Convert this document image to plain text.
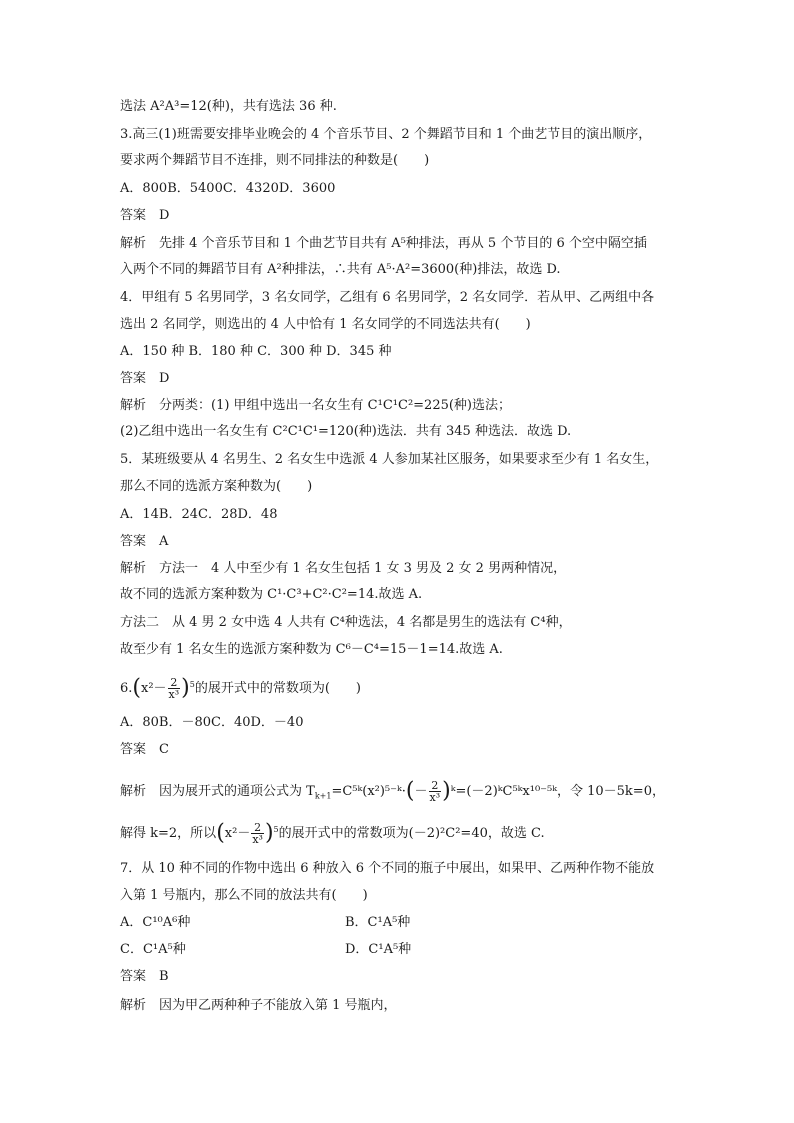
选法 A²A³=12(种)，共有选法 36 种.
3.高三(1)班需要安排毕业晚会的 4 个音乐节目、2 个舞蹈节目和 1 个曲艺节目的演出顺序，
要求两个舞蹈节目不连排，则不同排法的种数是(　　)
A．800B．5400C．4320D．3600
答案　D
解析　先排 4 个音乐节目和 1 个曲艺节目共有 A⁵种排法，再从 5 个节目的 6 个空中隔空插
入两个不同的舞蹈节目有 A²种排法，∴共有 A⁵·A²=3600(种)排法，故选 D.
4．甲组有 5 名男同学，3 名女同学，乙组有 6 名男同学，2 名女同学．若从甲、乙两组中各
选出 2 名同学，则选出的 4 人中恰有 1 名女同学的不同选法共有(　　)
A．150 种 B．180 种 C．300 种 D．345 种
答案　D
解析　分两类：(1) 甲组中选出一名女生有 C¹C¹C²=225(种)选法；
(2)乙组中选出一名女生有 C²C¹C¹=120(种)选法．共有 345 种选法．故选 D.
5．某班级要从 4 名男生、2 名女生中选派 4 人参加某社区服务，如果要求至少有 1 名女生，
那么不同的选派方案种数为(　　)
A．14B．24C．28D．48
答案　A
解析　方法一　4 人中至少有 1 名女生包括 1 女 3 男及 2 女 2 男两种情况，
故不同的选派方案种数为 C¹·C³+C²·C²=14.故选 A.
方法二　从 4 男 2 女中选 4 人共有 C⁴种选法，4 名都是男生的选法有 C⁴种，
故至少有 1 名女生的选派方案种数为 C⁶－C⁴=15－1=14.故选 A.
$6.(x^2- \frac{2}{\text{x³}} )^5$的展开式中的常数项为(　　)
A．80B．－80C．40D．－40
答案　C
解析　因为展开式的通项公式为 $T_{k+1}=C^5ᵏ(x^2)^{5-}ᵏ\cdot(- \frac{2}{\text{x³}}$ )ᵏ=(－2)ᵏC⁵ᵏx¹⁰⁻⁵ᵏ，令 10－5k=0，
解得 k=2，所以$(x^2- \frac{2}{\text{x³}} )^5$的展开式中的常数项为(－2)²C²=40，故选 C.
7．从 10 种不同的作物中选出 6 种放入 6 个不同的瓶子中展出，如果甲、乙两种作物不能放
入第 1 号瓶内，那么不同的放法共有(　　)
A．C¹⁰A⁶种	B．C¹A⁵种
C．C¹A⁵种	D．C¹A⁵种
答案　B
解析　因为甲乙两种种子不能放入第 1 号瓶内，
